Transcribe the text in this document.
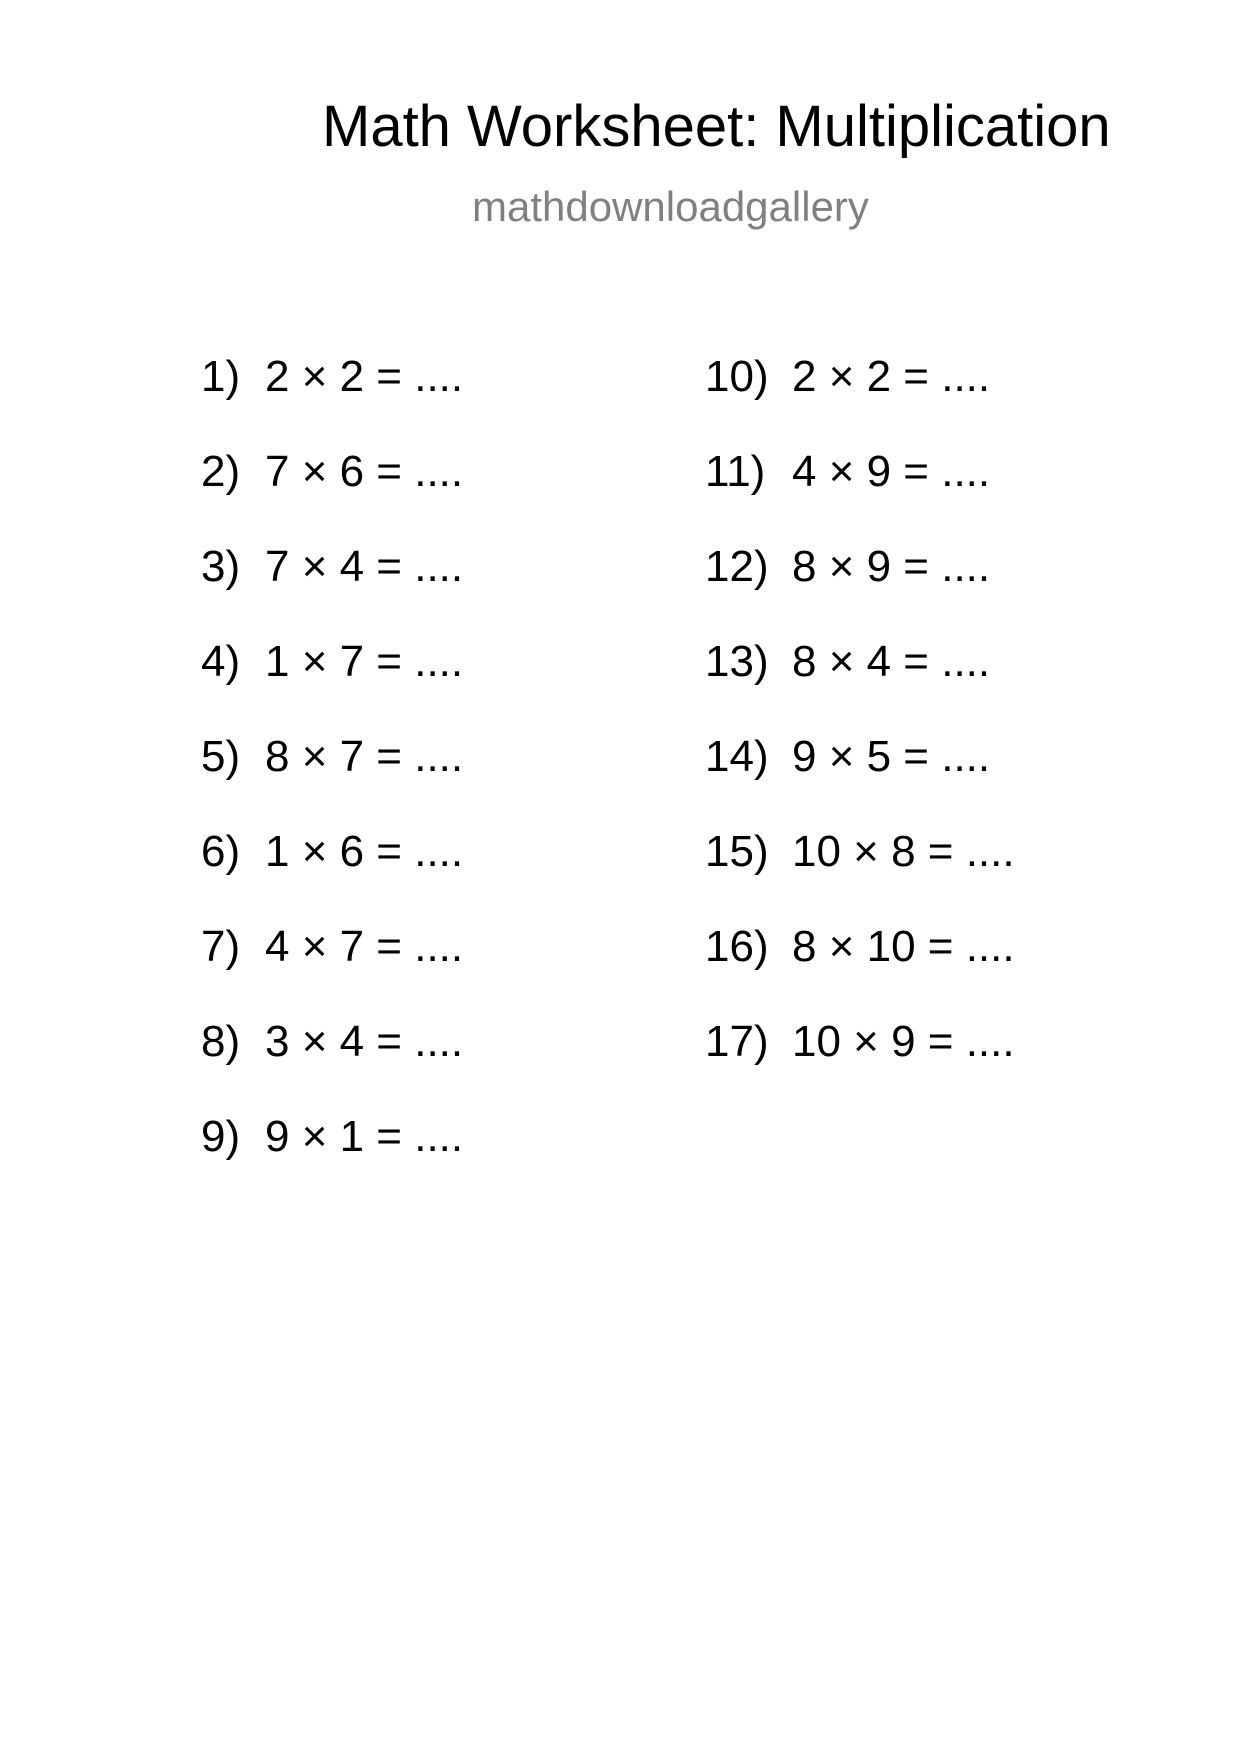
Math Worksheet: Multiplication
mathdownloadgallery
1) 2 × 2 = ....
2) 7 × 6 = ....
3) 7 × 4 = ....
4) 1 × 7 = ....
5) 8 × 7 = ....
6) 1 × 6 = ....
7) 4 × 7 = ....
8) 3 × 4 = ....
9) 9 × 1 = ....
10) 2 × 2 = ....
11) 4 × 9 = ....
12) 8 × 9 = ....
13) 8 × 4 = ....
14) 9 × 5 = ....
15) 10 × 8 = ....
16) 8 × 10 = ....
17) 10 × 9 = ....
